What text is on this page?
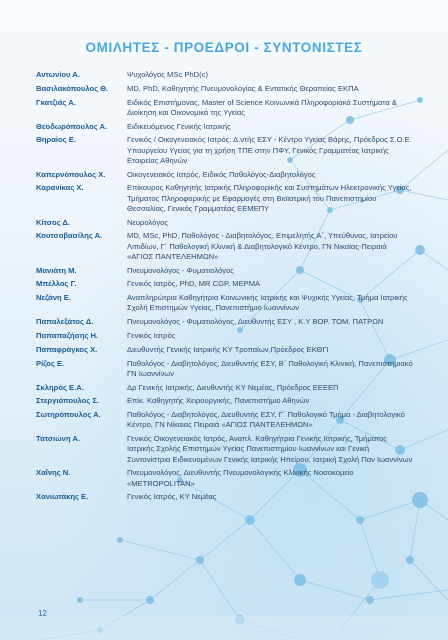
ΟΜΙΛΗΤΕΣ - ΠΡΟΕΔΡΟΙ - ΣΥΝΤΟΝΙΣΤΕΣ
Αντωνίου Α.	Ψυχολόγος MSc PhD(c)
Βασιλακόπουλος Θ.	MD, PhD, Καθηγητής Πνευμονολογίας & Εντατικής Θεραπείας ΕΚΠΑ
Γκατζιάς Α.	Ειδικός Επιστήμονας, Master of Science Κοινωνικά Πληροφοριακά Συστήματα & Διοίκηση και Οικονομικά της Υγείας
Θεοδωρόπουλος Α.	Ειδικευόμενος Γενικής Ιατρικής
Θηραίος Ε.	Γενικός / Οικογενειακός Ιατρός. Δ.ντής ΕΣΥ - Κέντρο Υγείας Βάρης, Πρόεδρος Σ.Ο.Ε. Υπουργείου Υγείας για τη χρήση ΤΠΕ στην ΠΦΥ, Γενικός Γραμματέας Ιατρικής Εταιρείας Αθηνών
Καπερνόπουλος Χ.	Οικογενειακός Ιατρός, Ειδικός Παθολόγος-Διαβητολόγος
Καρανίκας Χ.	Επίκουρος Καθηγητής Ιατρικής Πληροφορικής και Συστημάτων Ηλεκτρονικής Υγείας, Τμήματος Πληροφορικής με Εφαρμογές στη Βιοϊατρική του Πανεπιστημίου Θεσσαλίας, Γενικός Γραμματέας ΕΕΜΕΠΥ
Κίτσος Δ.	Νευρολόγος
Κουτσοβασίλης Α.	MD, MSc, PhD, Παθολόγος - Διαβητολόγος, Επιμελητής Α΄, Υπεύθυνος, Ιατρείου Λιπιδίων, Γ΄ Παθολογική Κλινική & Διαβητολογικό Κέντρο, ΓΝ Νικαίας-Πειραιά «ΑΓΙΟΣ ΠΑΝΤΕΛΕΗΜΩΝ»
Μανιάτη Μ.	Πνευμονολόγος - Φυματιολόγος
Μπέλλος Γ.	Γενικός Ιατρός, PhD, MR CGP, MEPMA
Νεζάνη Ε.	Αναπληρώτρια Καθηγήτρια Κοινωνικής Ιατρικής και Ψυχικής Υγείας, Τμήμα Ιατρικής Σχολή Επιστημών Υγείας, Πανεπιστήμιο Ιωαννίνων
Παπαλεξάτος Δ.	Πνευμονολόγος - Φυματιολόγος, Διευθυντής ΕΣΥ , Κ.Υ ΒΟΡ. ΤΟΜ. ΠΑΤΡΩΝ
Παπαπαζήσης Η.	Γενικός Ιατρός
Παπαφράγκος Χ.	Διευθυντής Γενικής Ιατρικής ΚΥ Τροπαίων,Πρόεδρος ΕΚΘΓΙ
Ρίζος Ε.	Παθολόγος - Διαβητολόγος, Διευθυντής ΕΣΥ, Β΄ Παθολογική Κλινική, Πανεπιστημιακό ΓΝ Ιωαννίνων
Σκληρός Ε.Α.	Δρ Γενικής Ιατρικής, Διευθυντής ΚΥ Νεμέας, Πρόεδρος ΕΕΕΕΠ
Στεργιόπουλος Σ.	Επίκ. Καθηγητής Χειρουργικής, Πανεπιστήμιο Αθηνών
Σωτηρόπουλος Α.	Παθολόγος - Διαβητολόγος, Διευθυντής ΕΣΥ, Γ΄ Παθολογικό Τμήμα - Διαβητολογικό Κέντρο, ΓΝ Νίκαιας Πειραιά «ΑΓΙΟΣ ΠΑΝΤΕΛΕΗΜΩΝ»
Τατσιώνη Α.	Γενικός Οικογενειακός Ιατρός, Αναπλ. Καθηγήτρια Γενικής Ιατρικής, Τμήματος Ιατρικής Σχολής Επιστημών Υγείας Πανεπιστημίου Ιωαννίνων και Γενική Συντονίστρια Ειδικευομένων Γενικής Ιατρικής Ηπείρου, Ιατρική Σχολή Παν Ιωαννίνων
Χαΐνης Ν.	Πνευμονολόγος, Διευθυντής Πνευμονολογικής Κλινικής Νοσοκομείο «METROPOLITAN»
Χανιωτάκης Ε.	Γενικός Ιατρός, ΚΥ Νεμέας
12
